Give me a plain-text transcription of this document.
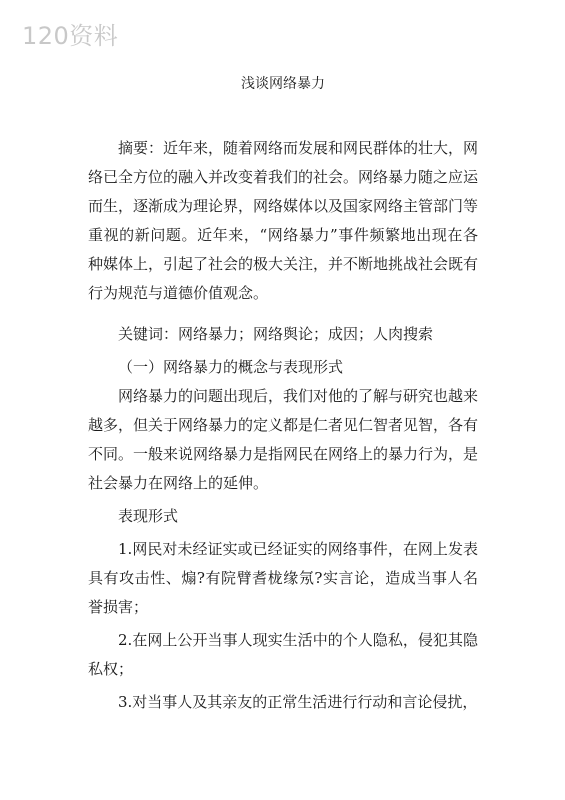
120资料
浅谈网络暴力

摘要：近年来，随着网络而发展和网民群体的壮大，网络已全方位的融入并改变着我们的社会。网络暴力随之应运而生，逐渐成为理论界，网络媒体以及国家网络主管部门等重视的新问题。近年来，“网络暴力”事件频繁地出现在各种媒体上，引起了社会的极大关注，并不断地挑战社会既有行为规范与道德价值观念。

关键词：网络暴力；网络舆论；成因；人肉搜索

（一）网络暴力的概念与表现形式

网络暴力的问题出现后，我们对他的了解与研究也越来越多，但关于网络暴力的定义都是仁者见仁智者见智，各有不同。一般来说网络暴力是指网民在网络上的暴力行为，是社会暴力在网络上的延伸。

表现形式

1.网民对未经证实或已经证实的网络事件，在网上发表具有攻击性、煽?有院臂耆栊缘氖?实言论，造成当事人名誉损害；

2.在网上公开当事人现实生活中的个人隐私，侵犯其隐私权；

3.对当事人及其亲友的正常生活进行行动和言论侵扰，
